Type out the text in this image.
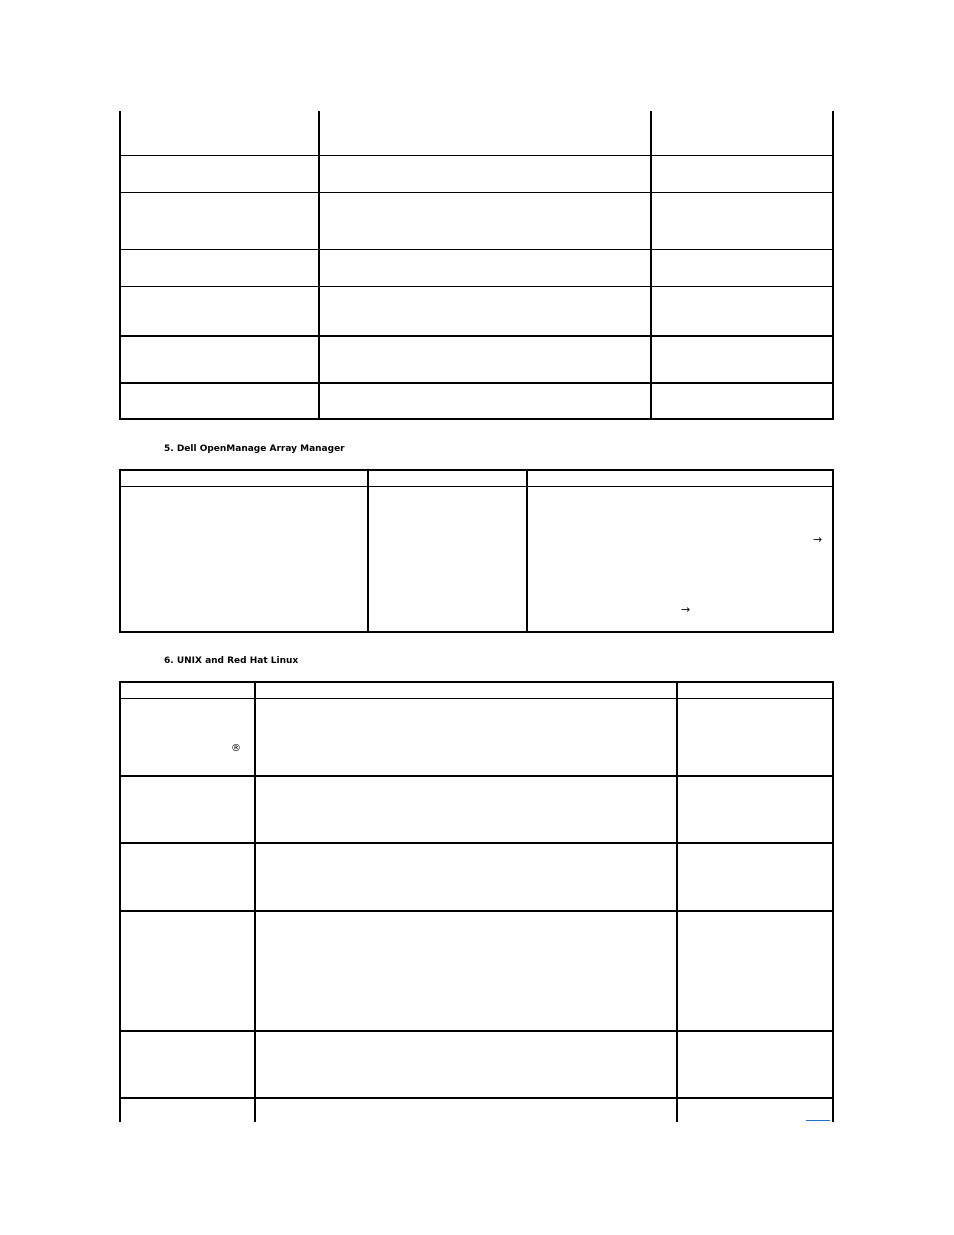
5. Dell OpenManage Array Manager
→
→
6. UNIX and Red Hat Linux
®
